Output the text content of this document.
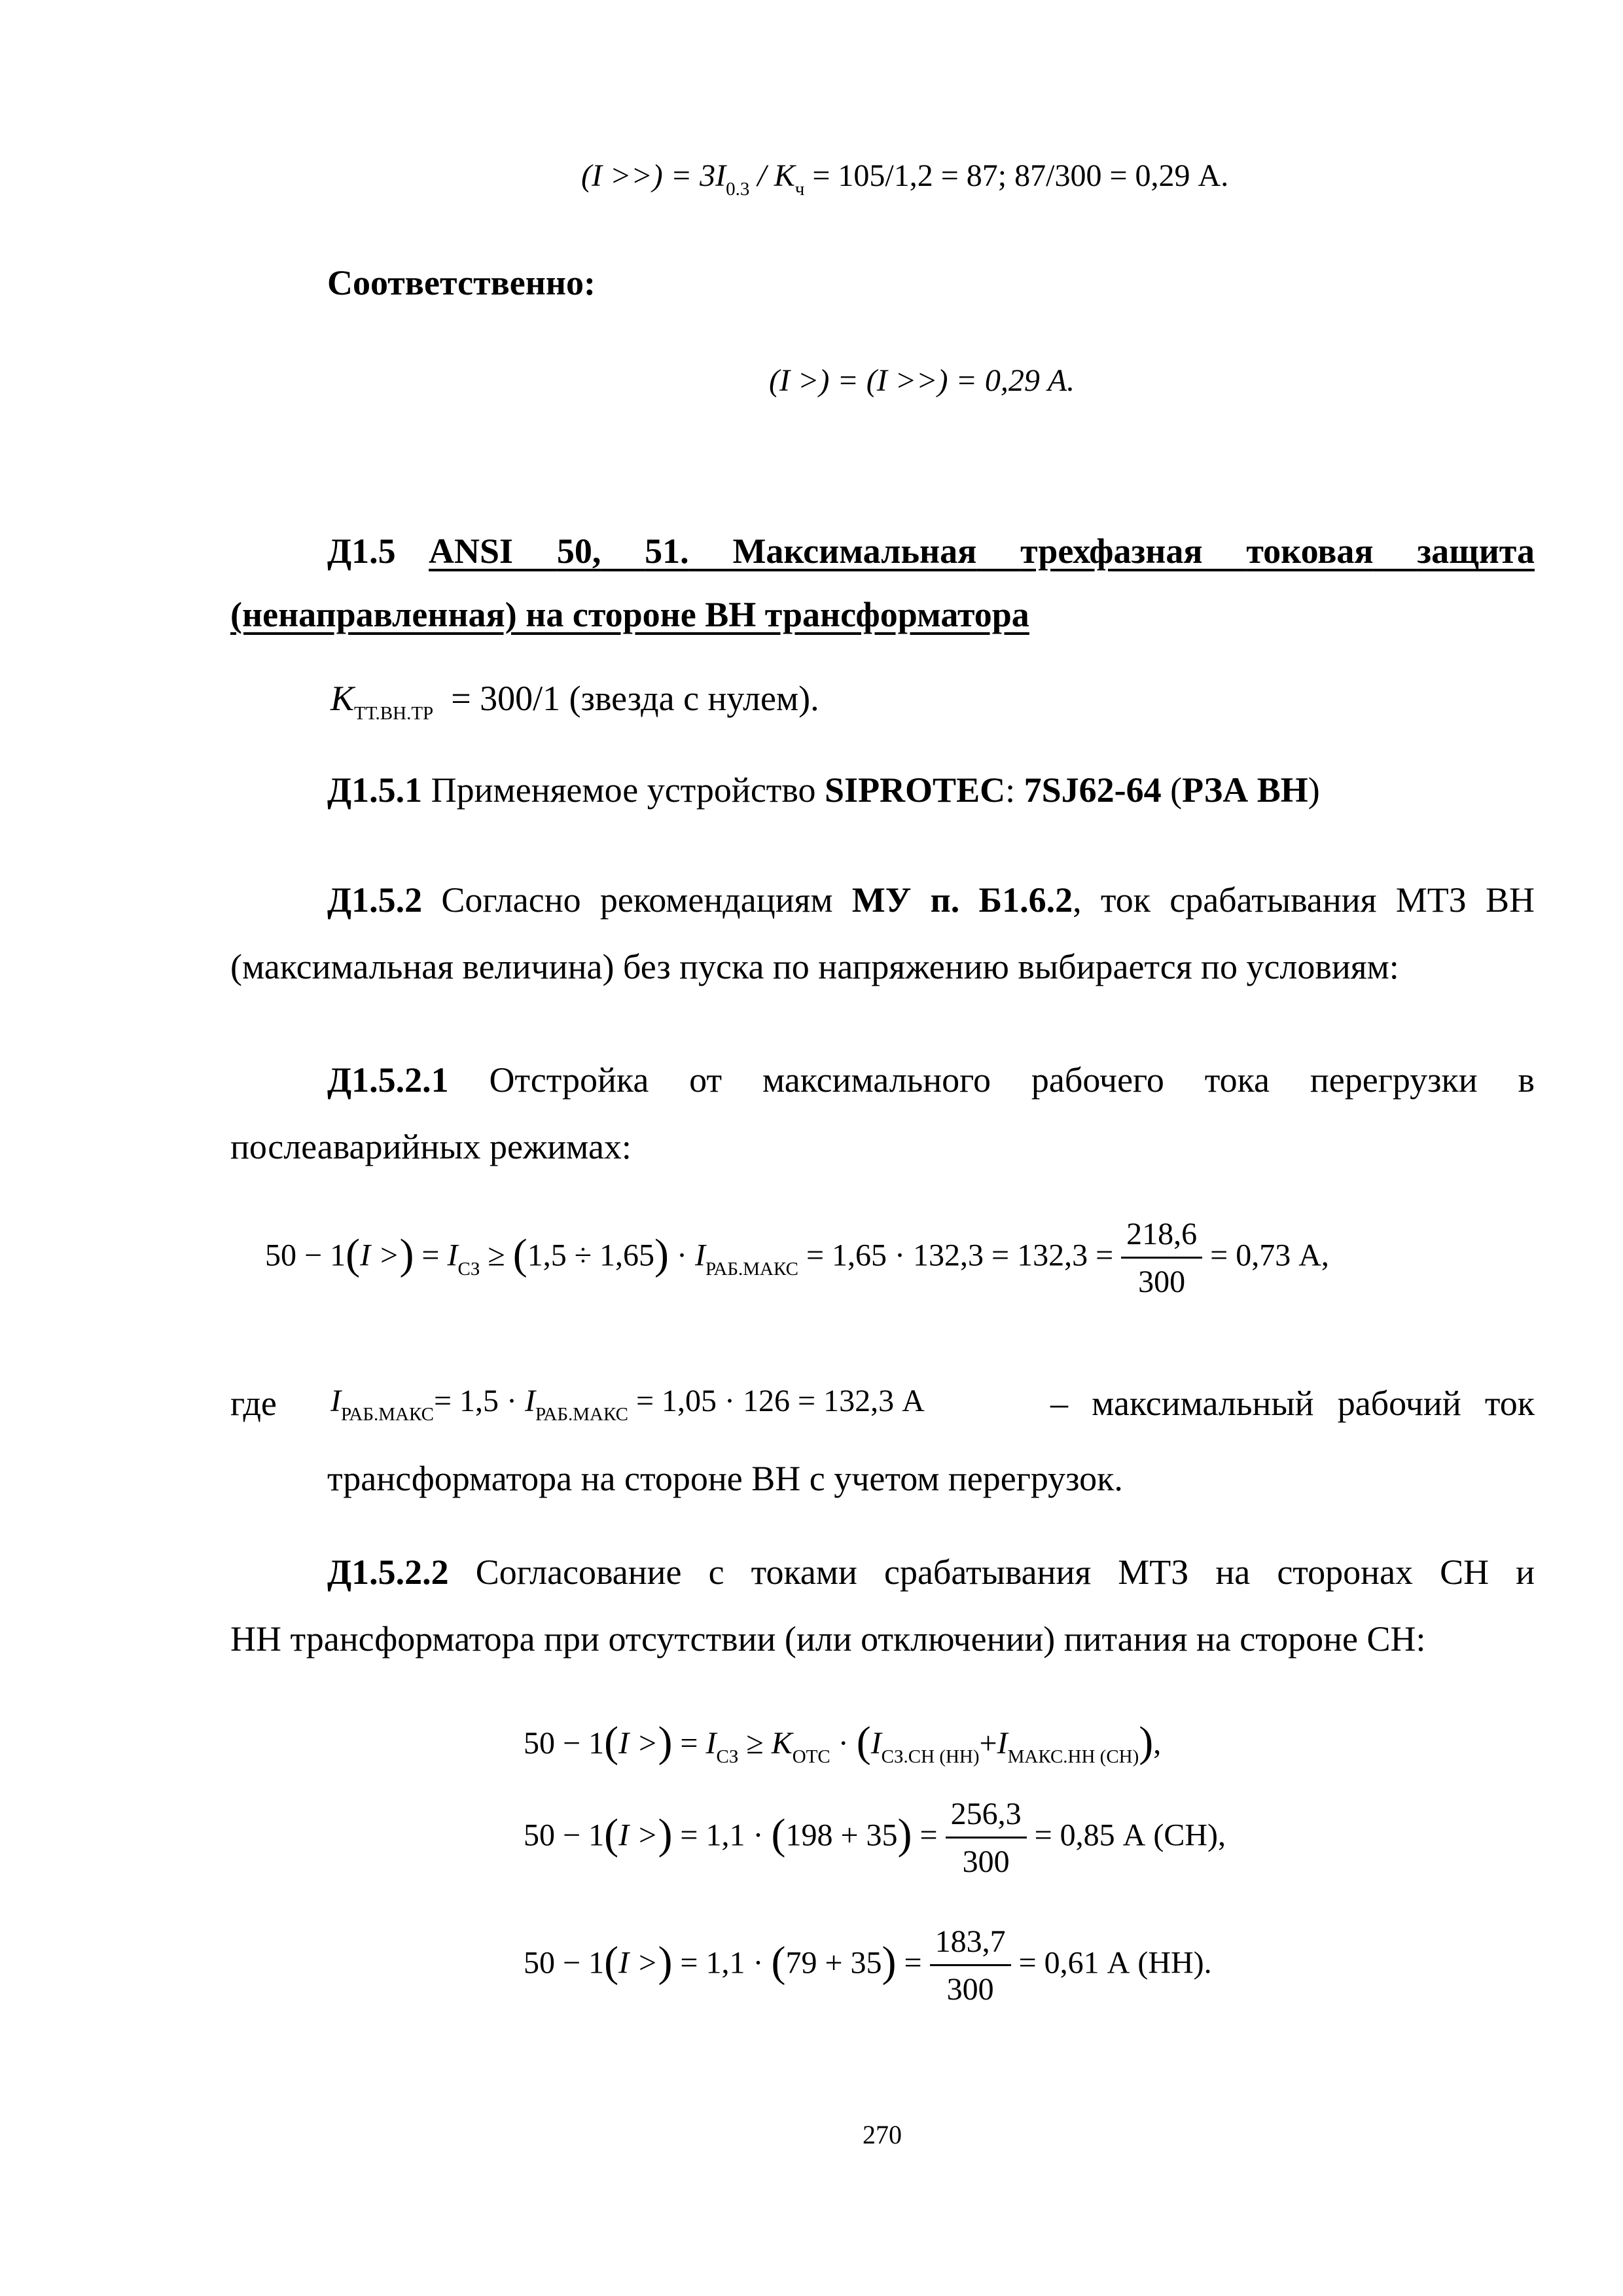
(I >>) = $3I_{0.3} / K_ч = 105/1,2 = 87$; 87/300 = 0,29 А.
Соответственно:
(I >) = (I >>) = 0,29 А.
Д1.5 ANSI 50, 51. Максимальная трехфазная токовая защита
(ненаправленная) на стороне ВН трансформатора
$K_{ТТ.ВН.ТР} = 300/1$ (звезда с нулем).
Д1.5.1 Применяемое устройство SIPROTEC: 7SJ62-64 (РЗА ВН)
Д1.5.2 Согласно рекомендациям МУ п. Б1.6.2, ток срабатывания МТЗ ВН
(максимальная величина) без пуска по напряжению выбирается по условиям:
Д1.5.2.1 Отстройка от максимального рабочего тока перегрузки в
послеаварийных режимах:
50 − 1(I >) = $I_{СЗ} \ge (1,5 \div 1,65) \cdot I_{РАБ.МАКС} = 1,65 \cdot 132,3 = 132,3 = \frac{218,6}{300} = 0,73$ А,
где $I_{РАБ.МАКС}= 1,5 \cdot I_{РАБ.МАКС} = 1,05 \cdot 126 = 132,3$ А	– максимальный рабочий ток
трансформатора на стороне ВН с учетом перегрузок.
Д1.5.2.2 Согласование с токами срабатывания МТЗ на сторонах СН и
НН трансформатора при отсутствии (или отключении) питания на стороне СН:
50 − 1(I >) = $I_{СЗ} \ge K_{ОТС} \cdot (I_{СЗ.СН (НН)}+I_{МАКС.НН (СН)})$,
50 − 1(I >) = $1,1 \cdot (198 + 35) = \frac{256,3}{300} = 0,85$ А (СН),
50 − 1(I >) = $1,1 \cdot (79 + 35) = \frac{183,7}{300} = 0,61$ А (НН).
270
